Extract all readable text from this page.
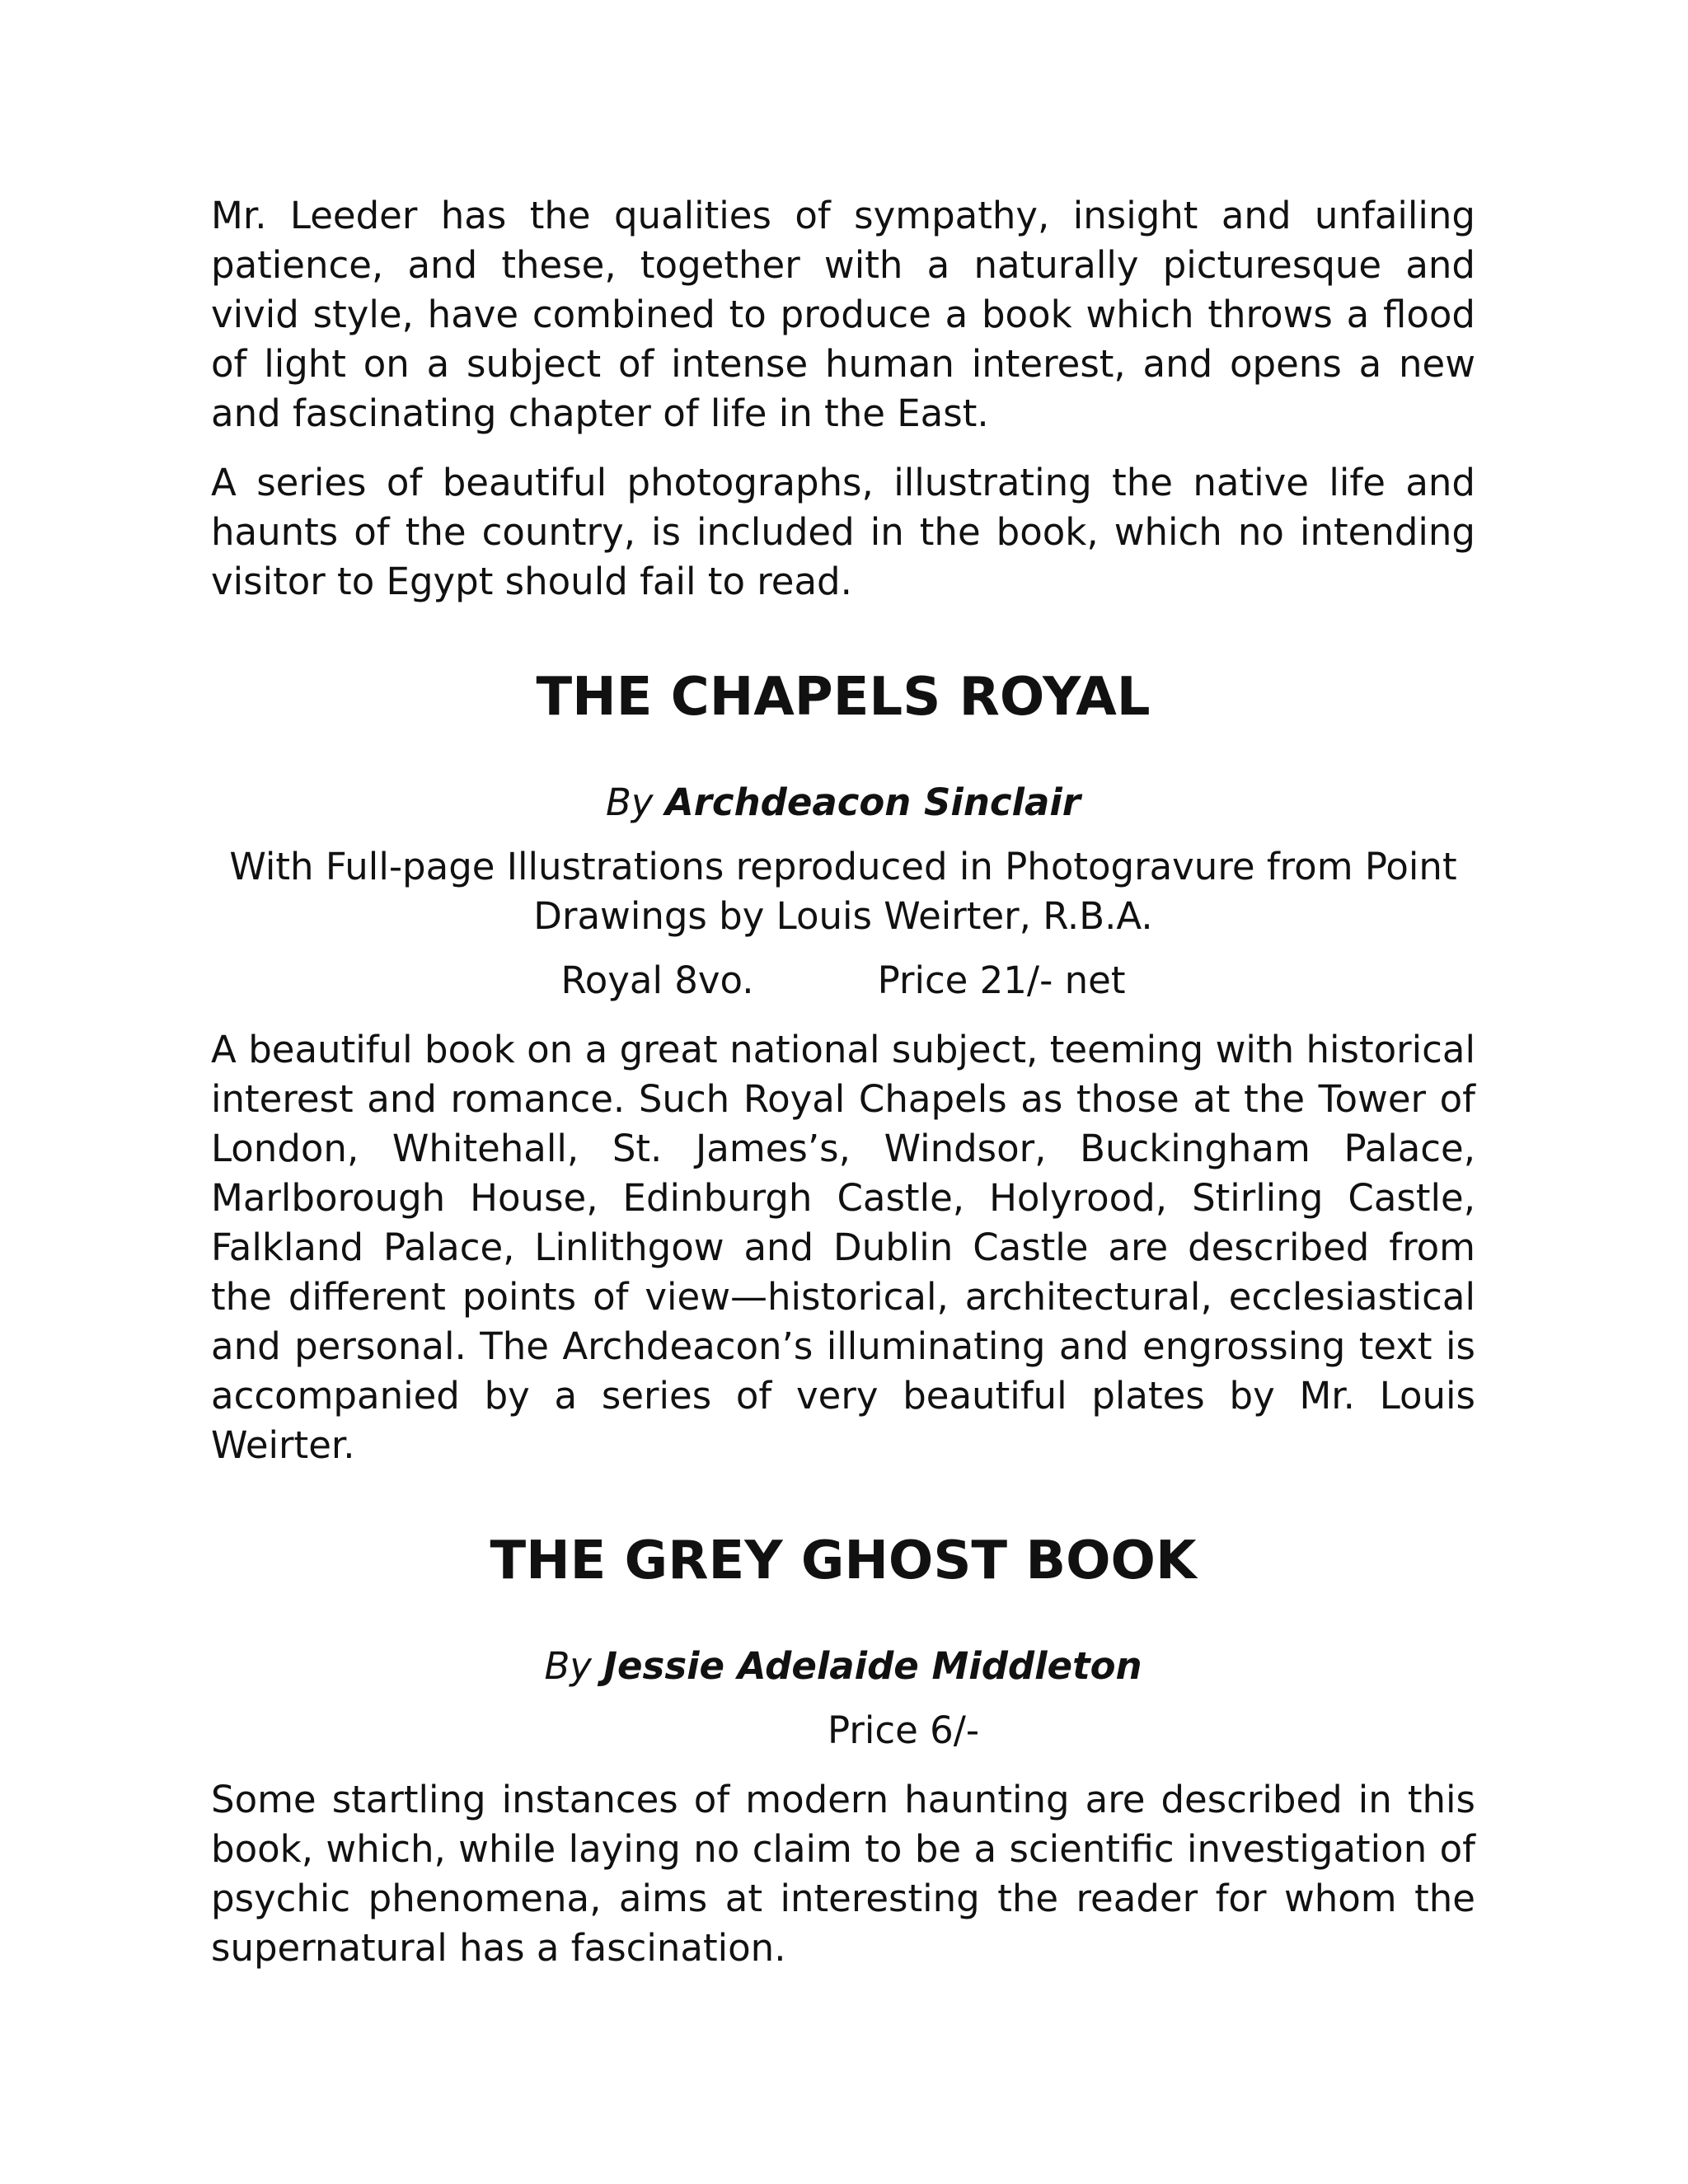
Mr. Leeder has the qualities of sympathy, insight and unfailing patience, and these, together with a naturally picturesque and vivid style, have combined to produce a book which throws a flood of light on a subject of intense human interest, and opens a new and fascinating chapter of life in the East.

A series of beautiful photographs, illustrating the native life and haunts of the country, is included in the book, which no intending visitor to Egypt should fail to read.

THE CHAPELS ROYAL
By Archdeacon Sinclair
With Full-page Illustrations reproduced in Photogravure from Point Drawings by Louis Weirter, R.B.A.
Royal 8vo.	Price 21/- net

A beautiful book on a great national subject, teeming with historical interest and romance. Such Royal Chapels as those at the Tower of London, Whitehall, St. James’s, Windsor, Buckingham Palace, Marlborough House, Edinburgh Castle, Holyrood, Stirling Castle, Falkland Palace, Linlithgow and Dublin Castle are described from the different points of view—historical, architectural, ecclesiastical and personal. The Archdeacon’s illuminating and engrossing text is accompanied by a series of very beautiful plates by Mr. Louis Weirter.

THE GREY GHOST BOOK
By Jessie Adelaide Middleton
Price 6/-

Some startling instances of modern haunting are described in this book, which, while laying no claim to be a scientific investigation of psychic phenomena, aims at interesting the reader for whom the supernatural has a fascination.
